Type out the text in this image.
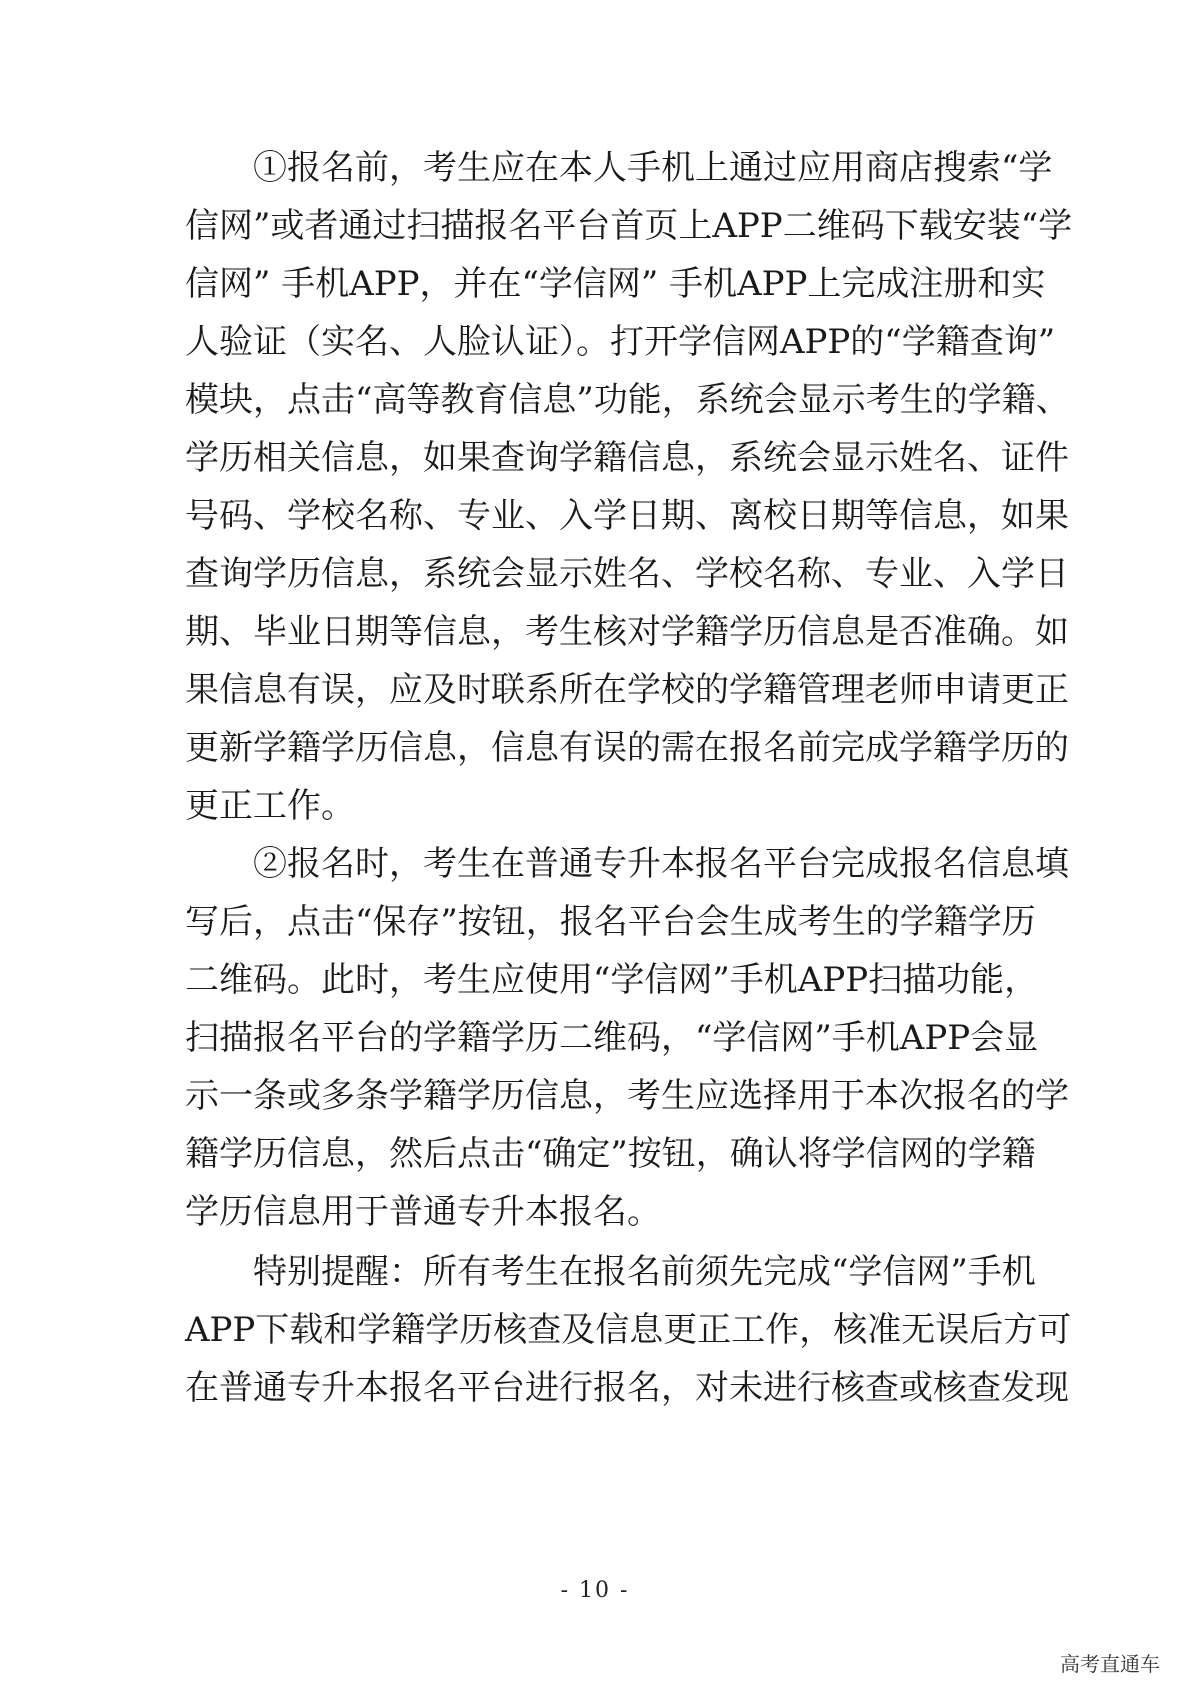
①报名前，考生应在本人手机上通过应用商店搜索“学
信网”或者通过扫描报名平台首页上APP二维码下载安装“学
信网” 手机APP，并在“学信网” 手机APP上完成注册和实
人验证（实名、人脸认证）。打开学信网APP的“学籍查询”
模块，点击“高等教育信息”功能，系统会显示考生的学籍、
学历相关信息，如果查询学籍信息，系统会显示姓名、证件
号码、学校名称、专业、入学日期、离校日期等信息，如果
查询学历信息，系统会显示姓名、学校名称、专业、入学日
期、毕业日期等信息，考生核对学籍学历信息是否准确。如
果信息有误，应及时联系所在学校的学籍管理老师申请更正
更新学籍学历信息，信息有误的需在报名前完成学籍学历的
更正工作。
②报名时，考生在普通专升本报名平台完成报名信息填
写后，点击“保存”按钮，报名平台会生成考生的学籍学历
二维码。此时，考生应使用“学信网”手机APP扫描功能，
扫描报名平台的学籍学历二维码，“学信网”手机APP会显
示一条或多条学籍学历信息，考生应选择用于本次报名的学
籍学历信息，然后点击“确定”按钮，确认将学信网的学籍
学历信息用于普通专升本报名。
特别提醒：所有考生在报名前须先完成“学信网”手机
APP下载和学籍学历核查及信息更正工作，核准无误后方可
在普通专升本报名平台进行报名，对未进行核查或核查发现
- 10 -
高考直通车
